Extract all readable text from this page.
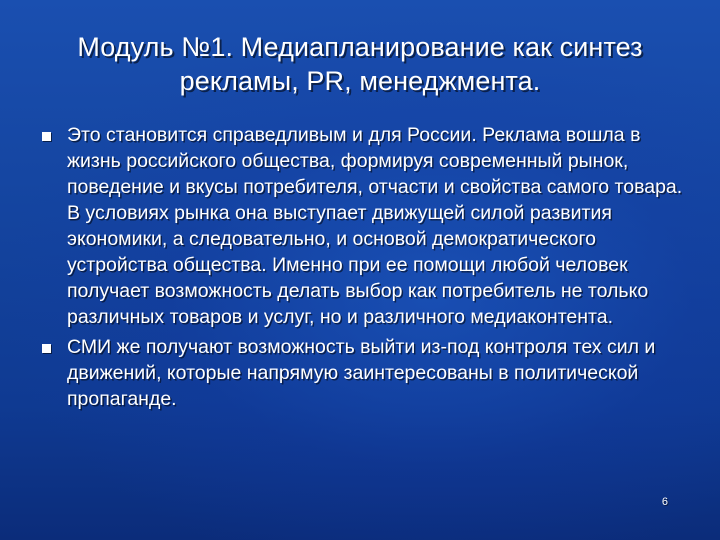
Модуль №1. Медиапланирование как синтез рекламы, PR, менеджмента.
Это становится справедливым и для России. Реклама вошла в жизнь российского общества, формируя современный рынок, поведение и вкусы потребителя, отчасти и свойства самого товара. В условиях рынка она выступает движущей силой развития экономики, а следовательно, и основой демократического устройства общества. Именно при ее помощи любой человек получает возможность делать выбор как потребитель не только различных товаров и услуг, но и различного медиаконтента.
СМИ же получают возможность выйти из-под контроля тех сил и движений, которые напрямую заинтересованы в политической пропаганде.
6
